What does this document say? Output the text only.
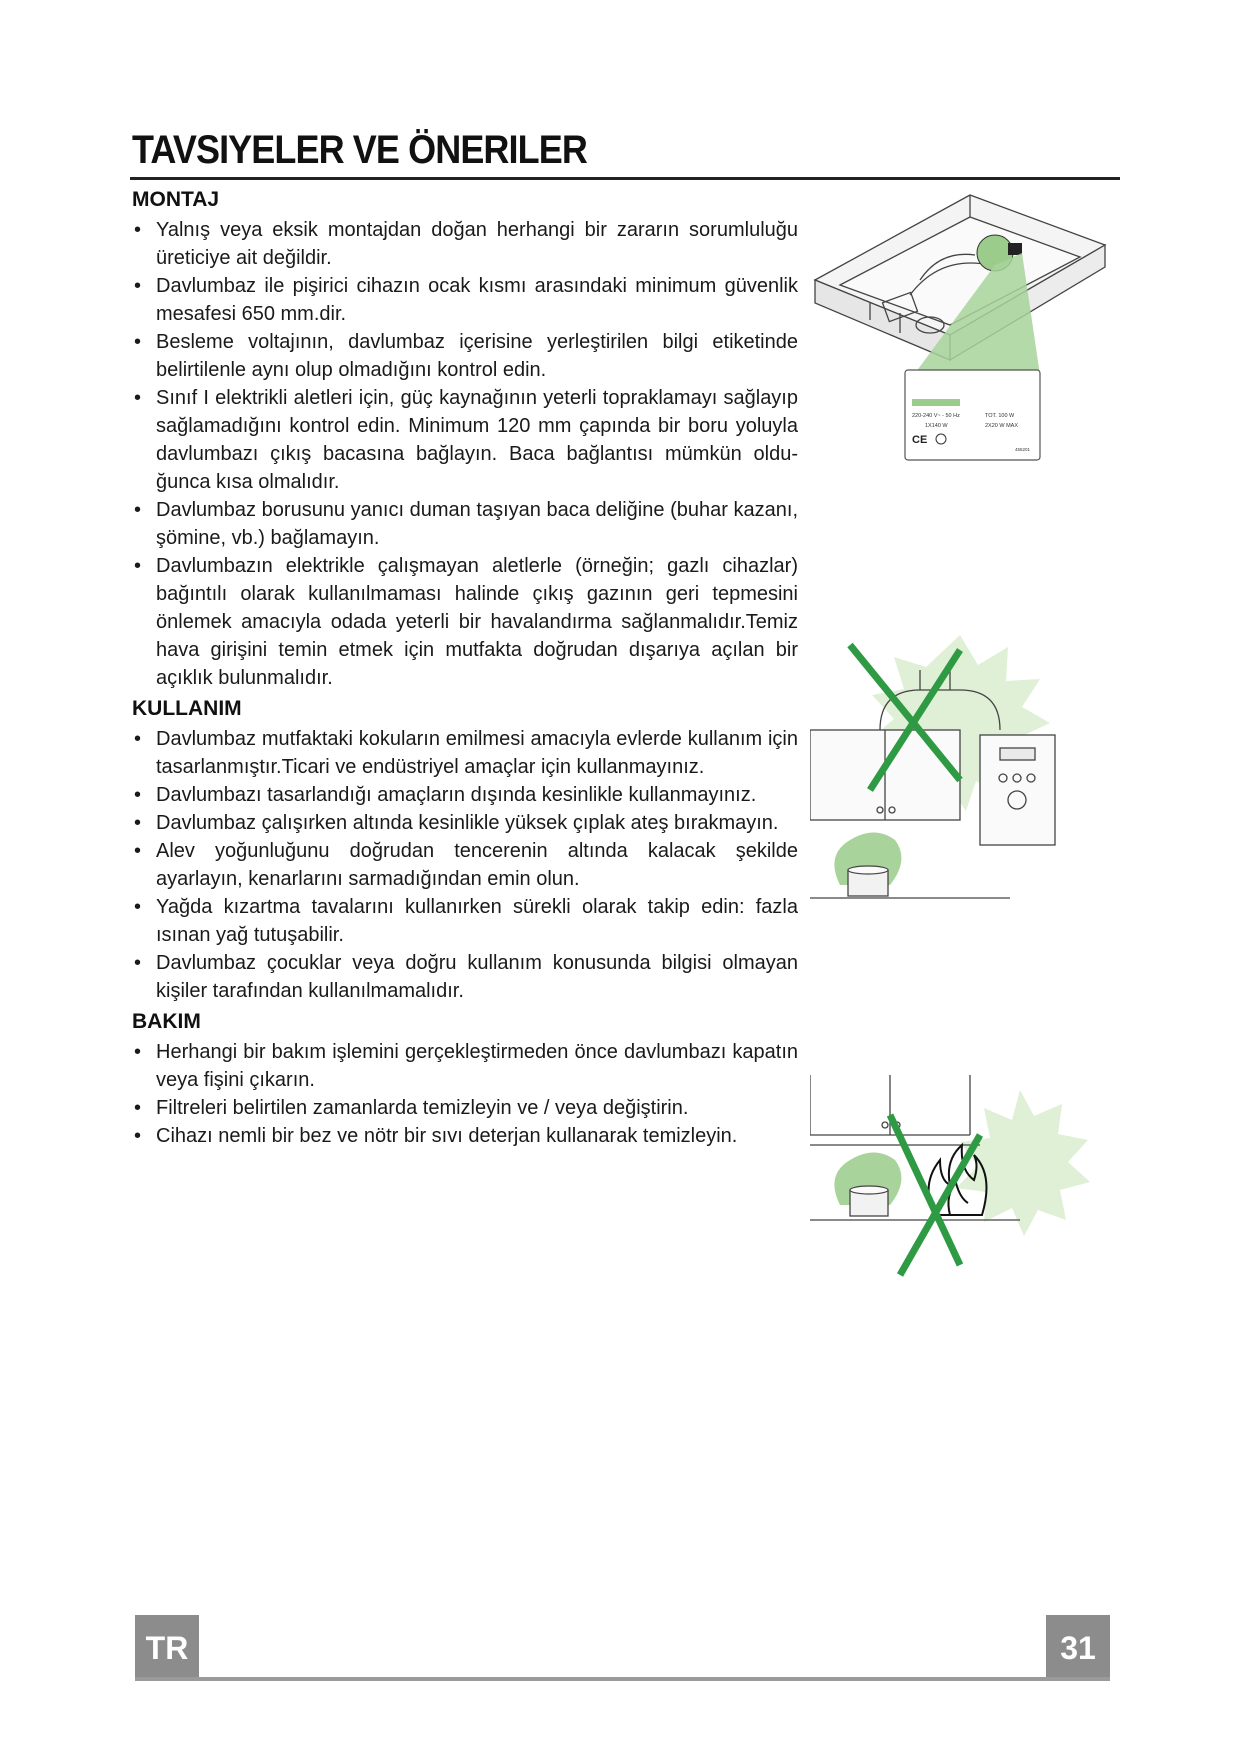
TAVSIYELER VE ÖNERILER
MONTAJ
• Yalnış veya eksik montajdan doğan herhangi bir zararın sorumluluğu üreticiye ait değildir.
• Davlumbaz ile pişirici cihazın ocak kısmı arasındaki minimum güvenlik mesafesi 650 mm.dir.
• Besleme voltajının, davlumbaz içerisine yerleştirilen bilgi etiketinde belirtilenle aynı olup olmadığını kontrol edin.
• Sınıf I elektrikli aletleri için, güç kaynağının yeterli topraklamayı sağlayıp sağlamadığını kontrol edin. Minimum 120 mm çapında bir boru yoluyla davlumbazı çıkış bacasına bağlayın. Baca bağlantısı mümkün oldu- ğunca kısa olmalıdır.
• Davlumbaz borusunu yanıcı duman taşıyan baca deliğine (buhar kazanı, şömine, vb.) bağlamayın.
• Davlumbazın elektrikle çalışmayan aletlerle (örneğin; gazlı cihazlar) bağıntılı olarak kullanılmaması halinde çıkış gazının geri tepmesini önlemek amacıyla odada yeterli bir havalandırma sağlanmalıdır.Temiz hava girişini temin etmek için mutfakta doğrudan dışarıya açılan bir açıklık bulunmalıdır.
KULLANIM
• Davlumbaz mutfaktaki kokuların emilmesi amacıyla evlerde kullanım için tasarlanmıştır.Ticari ve endüstriyel amaçlar için kullanmayınız.
• Davlumbazı tasarlandığı amaçların dışında kesinlikle kullanmayınız.
• Davlumbaz çalışırken altında kesinlikle yüksek çıplak ateş bırakmayın.
• Alev yoğunluğunu doğrudan tencerenin altında kalacak şekilde ayarlayın, kenarlarını sarmadığından emin olun.
• Yağda kızartma tavalarını kullanırken sürekli olarak takip edin: fazla ısınan yağ tutuşabilir.
• Davlumbaz çocuklar veya doğru kullanım konusunda bilgisi olmayan kişiler tarafından kullanılmamalıdır.
BAKIM
• Herhangi bir bakım işlemini gerçekleştirmeden önce davlumbazı kapatın veya fişini çıkarın.
• Filtreleri belirtilen zamanlarda temizleyin ve / veya değiştirin.
• Cihazı nemli bir bez ve nötr bir sıvı deterjan kullanarak temizleyin.
220-240 V~ - 50 Hz	TOT. 100 W
1X140 W	2X20 W MAX
CE
455201
TR	31
